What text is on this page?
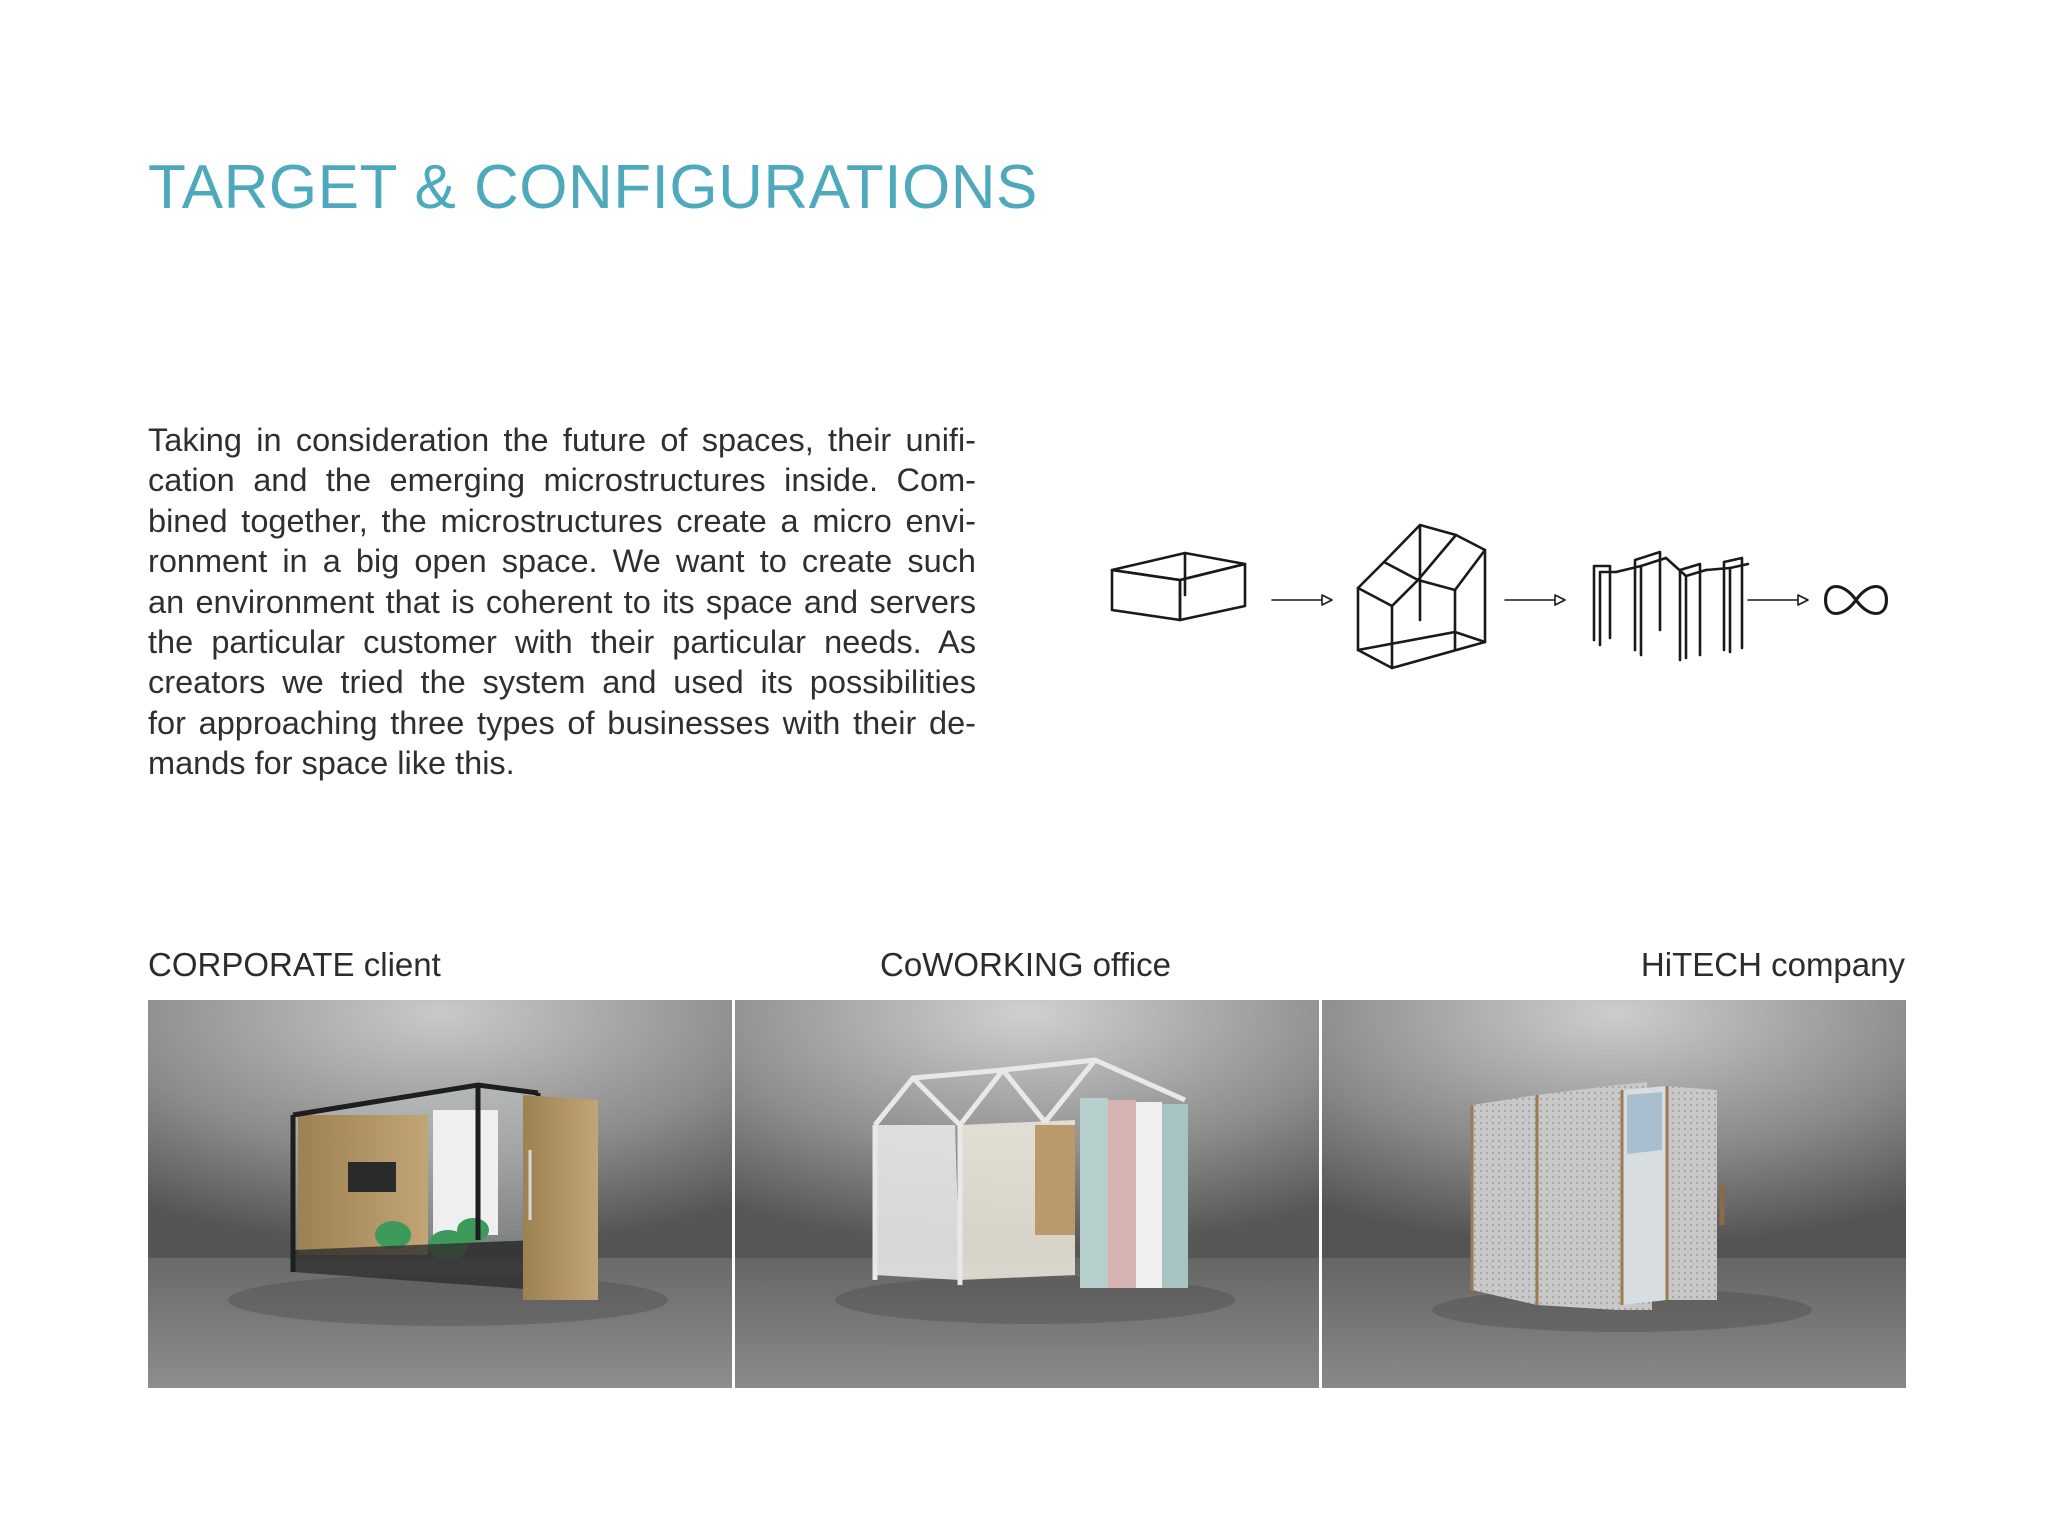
TARGET & CONFIGURATIONS
Taking in consideration the future of spaces, their unifi-
cation and the emerging microstructures inside. Com-
bined together, the microstructures create a micro envi-
ronment in a big open space. We want to create such
an environment that is coherent to its space and servers
the particular customer with their particular needs. As
creators we tried the system and used its possibilities
for approaching three types of businesses with their de-
mands for space like this.
CORPORATE client	CoWORKING office	HiTECH company
